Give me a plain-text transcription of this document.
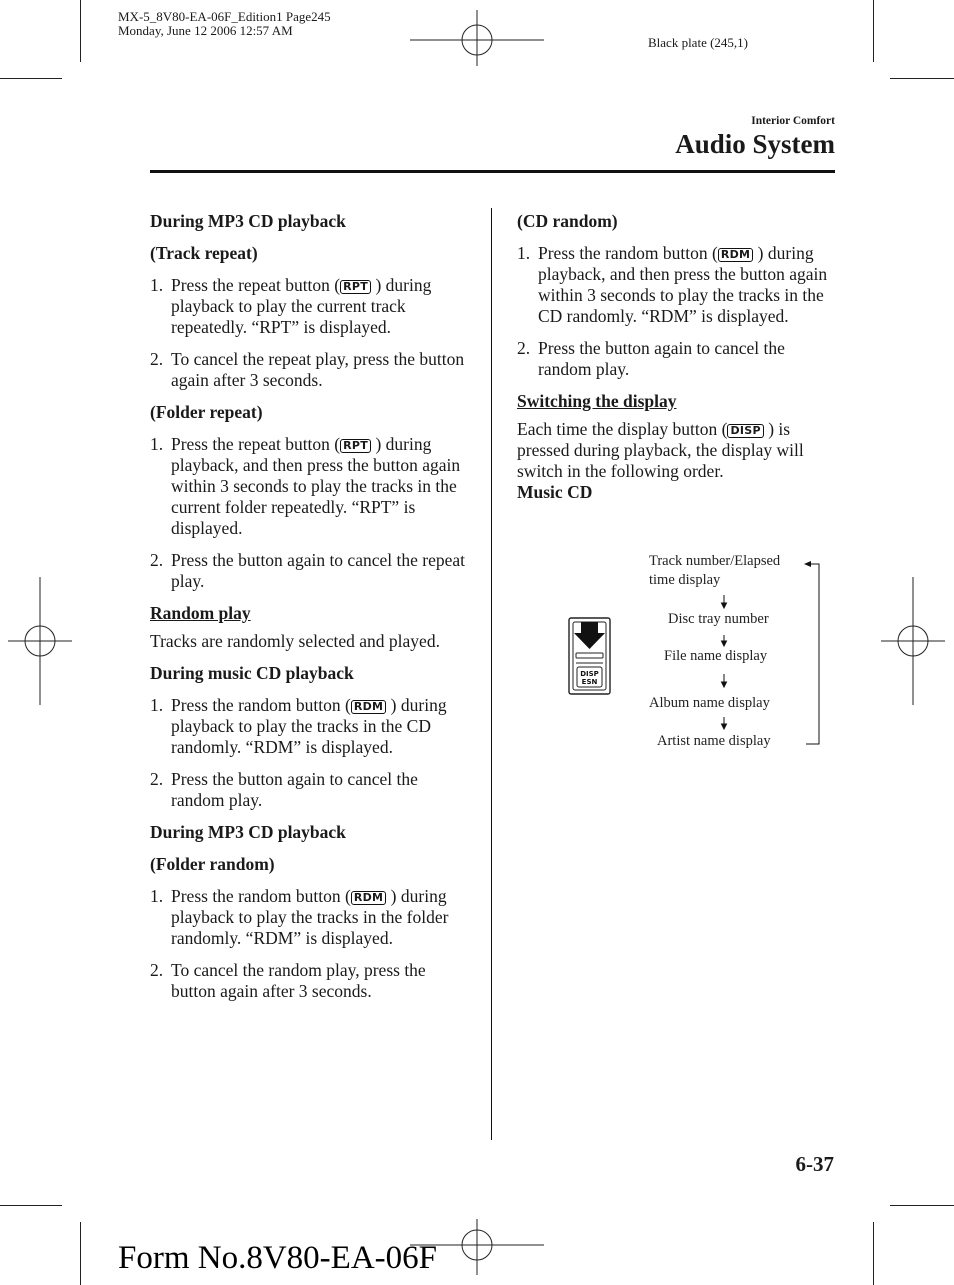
MX-5_8V80-EA-06F_Edition1 Page245
Monday, June 12 2006 12:57 AM
Black plate (245,1)
Interior Comfort
Audio System

During MP3 CD playback

(Track repeat)

1. Press the repeat button ( RPT ) during playback to play the current track repeatedly. “RPT” is displayed.
2. To cancel the repeat play, press the button again after 3 seconds.

(Folder repeat)

1. Press the repeat button ( RPT ) during playback, and then press the button again within 3 seconds to play the tracks in the current folder repeatedly. “RPT” is displayed.
2. Press the button again to cancel the repeat play.

Random play

Tracks are randomly selected and played.

During music CD playback

1. Press the random button ( RDM ) during playback to play the tracks in the CD randomly. “RDM” is displayed.
2. Press the button again to cancel the random play.

During MP3 CD playback

(Folder random)

1. Press the random button ( RDM ) during playback to play the tracks in the folder randomly. “RDM” is displayed.
2. To cancel the random play, press the button again after 3 seconds.

(CD random)

1. Press the random button ( RDM ) during playback, and then press the button again within 3 seconds to play the tracks in the CD randomly. “RDM” is displayed.
2. Press the button again to cancel the random play.

Switching the display

Each time the display button ( DISP ) is pressed during playback, the display will switch in the following order.

Music CD

DISP
ESN
Track number/Elapsed
time display
Disc tray number
File name display
Album name display
Artist name display
6-37
Form No.8V80-EA-06F
